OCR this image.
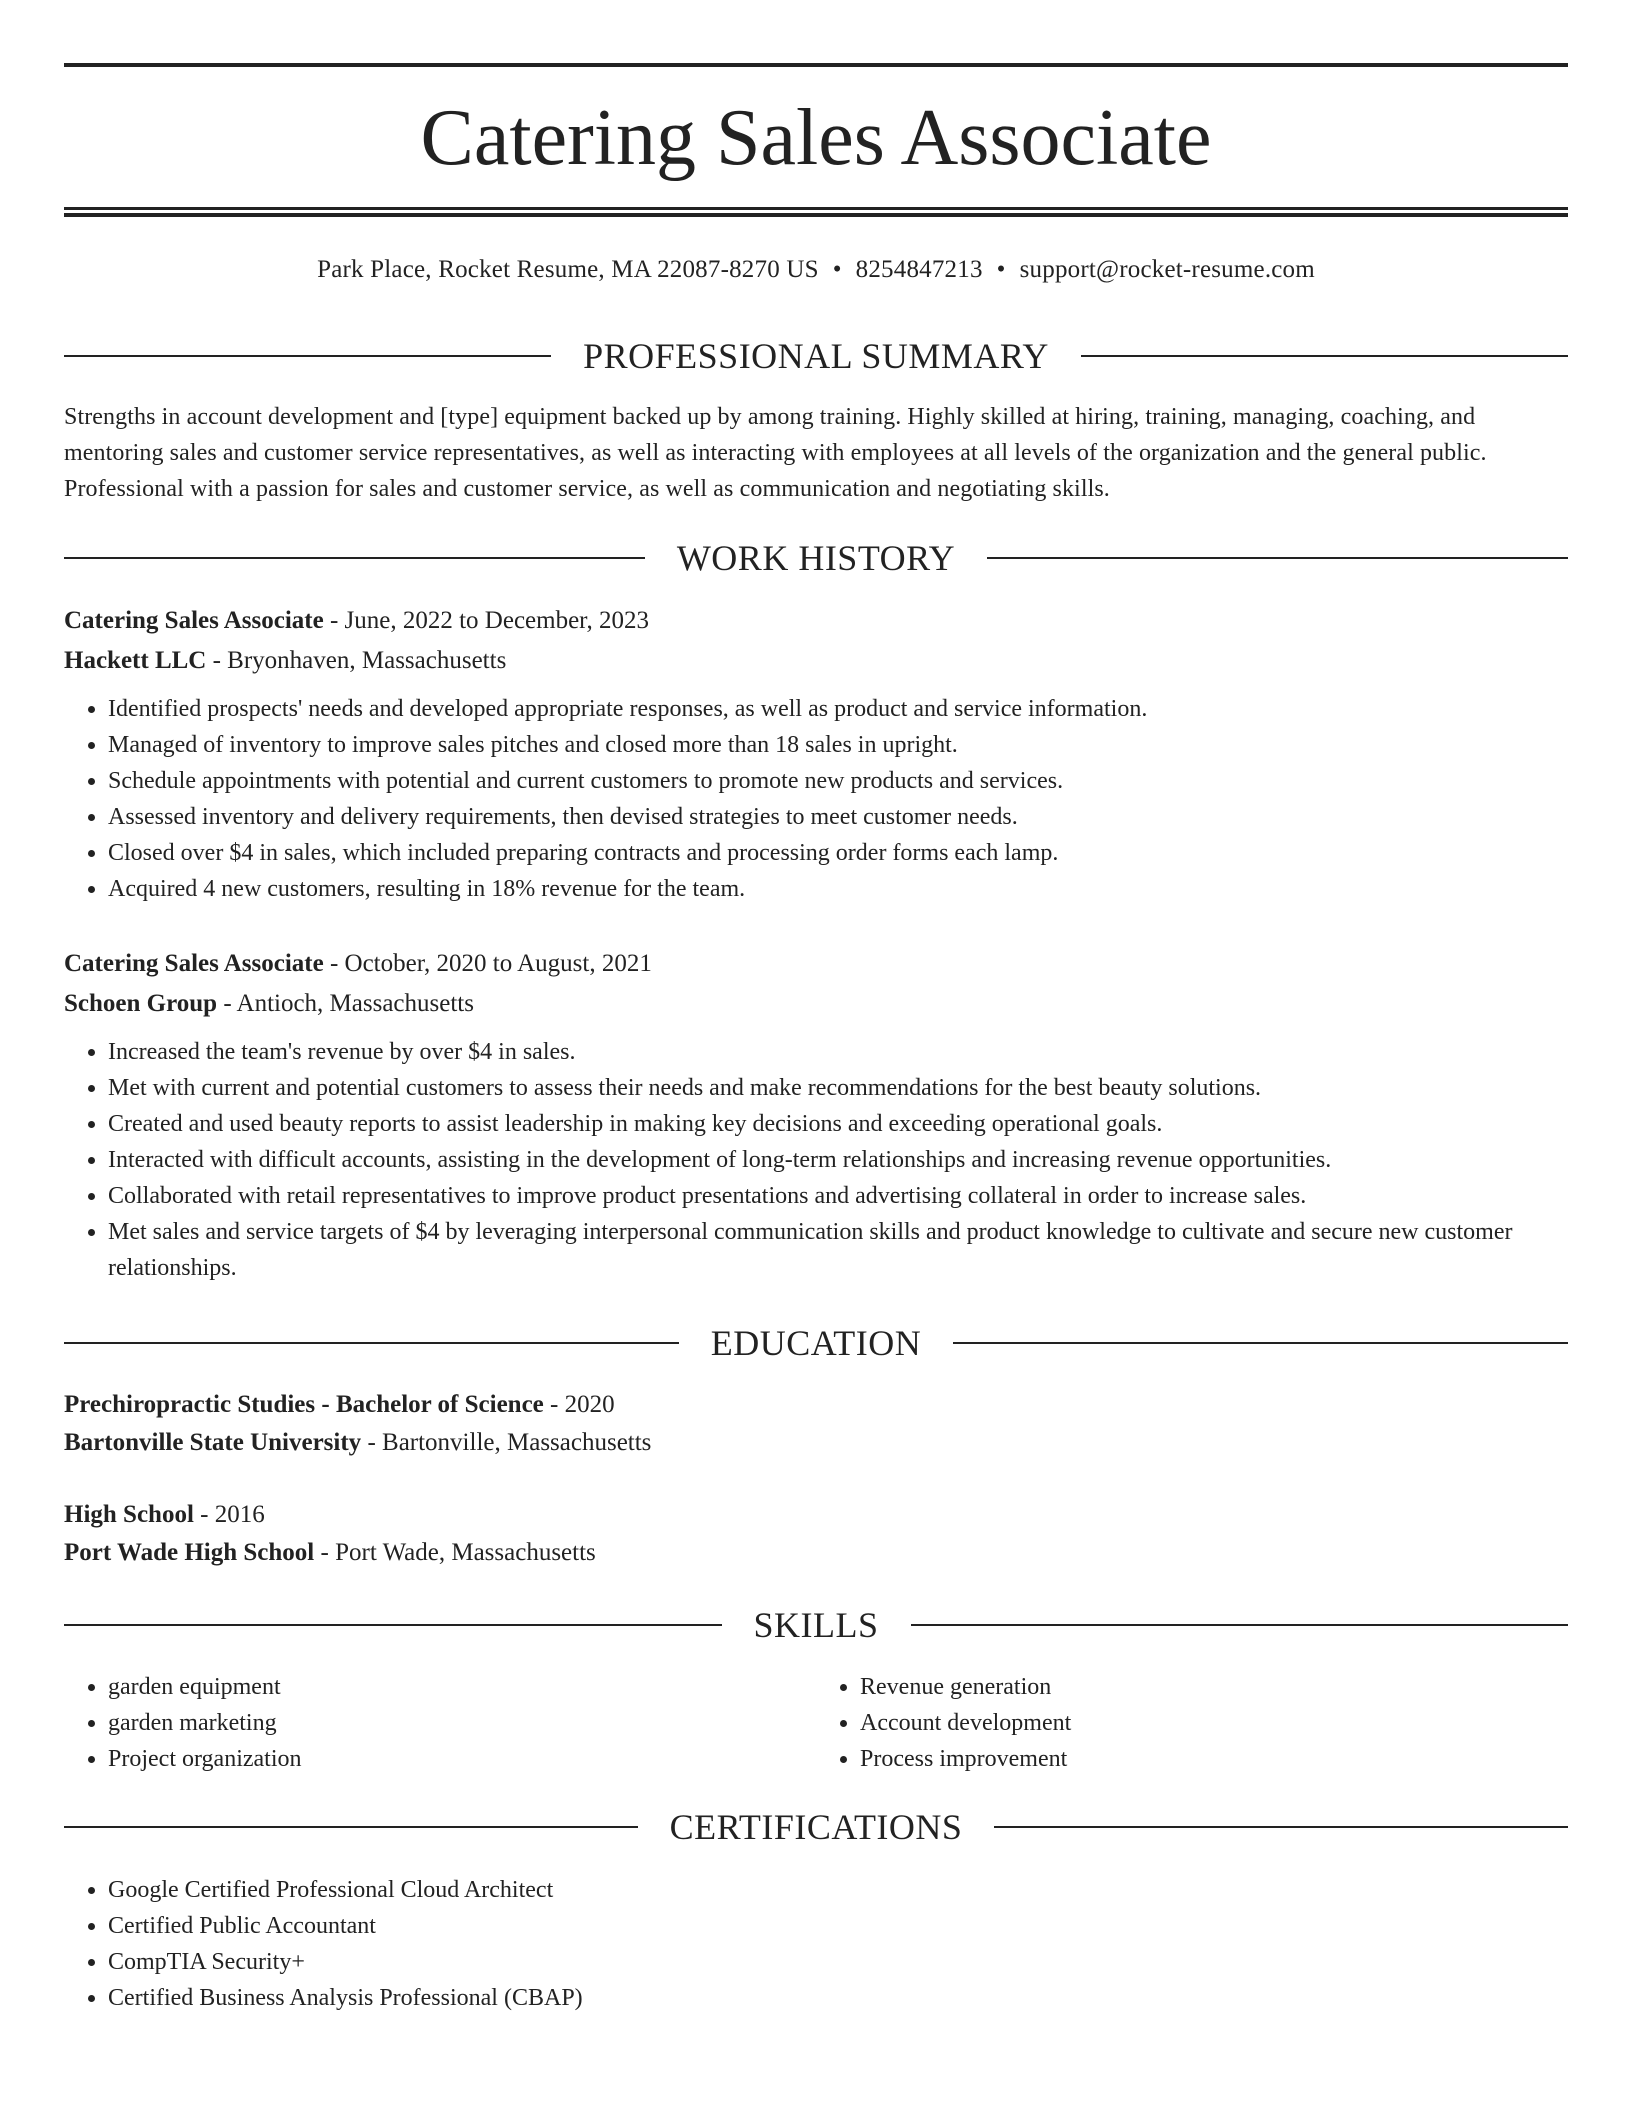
Catering Sales Associate
Park Place, Rocket Resume, MA 22087-8270 US • 8254847213 • support@rocket-resume.com
PROFESSIONAL SUMMARY
Strengths in account development and [type] equipment backed up by among training. Highly skilled at hiring, training, managing, coaching, and mentoring sales and customer service representatives, as well as interacting with employees at all levels of the organization and the general public. Professional with a passion for sales and customer service, as well as communication and negotiating skills.
WORK HISTORY
Catering Sales Associate - June, 2022 to December, 2023
Hackett LLC - Bryonhaven, Massachusetts
• Identified prospects' needs and developed appropriate responses, as well as product and service information.
• Managed of inventory to improve sales pitches and closed more than 18 sales in upright.
• Schedule appointments with potential and current customers to promote new products and services.
• Assessed inventory and delivery requirements, then devised strategies to meet customer needs.
• Closed over $4 in sales, which included preparing contracts and processing order forms each lamp.
• Acquired 4 new customers, resulting in 18% revenue for the team.
Catering Sales Associate - October, 2020 to August, 2021
Schoen Group - Antioch, Massachusetts
• Increased the team's revenue by over $4 in sales.
• Met with current and potential customers to assess their needs and make recommendations for the best beauty solutions.
• Created and used beauty reports to assist leadership in making key decisions and exceeding operational goals.
• Interacted with difficult accounts, assisting in the development of long-term relationships and increasing revenue opportunities.
• Collaborated with retail representatives to improve product presentations and advertising collateral in order to increase sales.
• Met sales and service targets of $4 by leveraging interpersonal communication skills and product knowledge to cultivate and secure new customer relationships.
EDUCATION
Prechiropractic Studies - Bachelor of Science - 2020
Bartonville State University - Bartonville, Massachusetts
High School - 2016
Port Wade High School - Port Wade, Massachusetts
SKILLS
• garden equipment
• garden marketing
• Project organization
• Revenue generation
• Account development
• Process improvement
CERTIFICATIONS
• Google Certified Professional Cloud Architect
• Certified Public Accountant
• CompTIA Security+
• Certified Business Analysis Professional (CBAP)
